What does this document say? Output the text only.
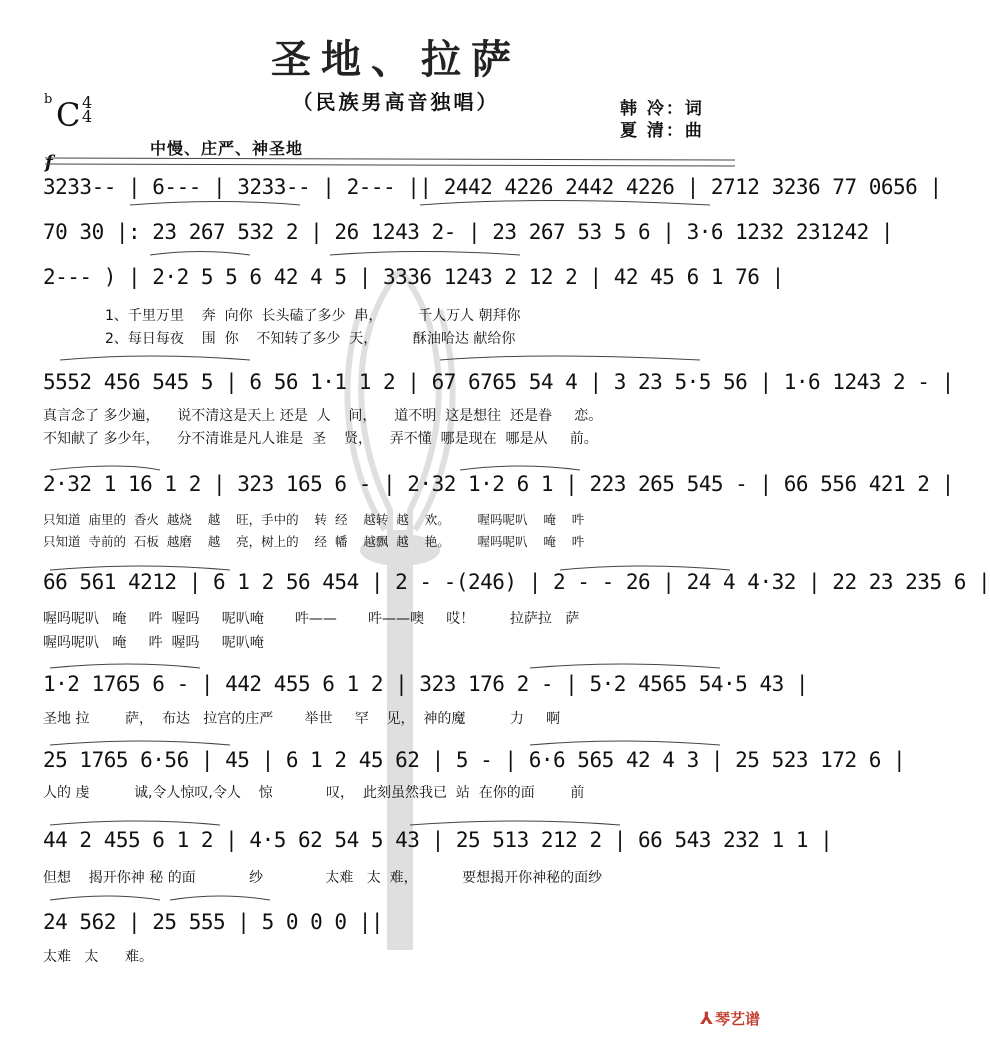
圣地、拉萨
（民族男高音独唱）	韩 冷：词
夏 清：曲
b C 4
4
中慢、庄严、神圣地
f
3233-- | 6--- | 3233-- | 2--- || 2442 4226 2442 4226 | 2712 3236 77 0656 |
70 30 |: 23 267 532 2 | 26 1243 2- | 23 267 53 5 6 | 3·6 1232 231242 |
2--- ) | 2·2 5 5 6 42 4 5 | 3336 1243 2 12 2 | 42 45 6 1 76 |
1、千里万里    奔  向你  长头磕了多少  串，        千人万人 朝拜你
2、每日每夜    围  你    不知转了多少  天，        酥油哈达 献给你
5552 456 545 5 | 6 56 1·1 1 2 | 67 6765 54 4 | 3 23 5·5 56 | 1·6 1243 2 - |
真言念了 多少遍，    说不清这是天上 还是  人    间，    道不明  这是想往  还是眷     恋。
不知献了 多少年，    分不清谁是凡人谁是  圣    贤，    弄不懂  哪是现在  哪是从     前。
2·32 1 16 1 2 | 323 165 6 - | 2·32 1·2 6 1 | 223 265 545 - | 66 556 421 2 |
只知道  庙里的  香火  越烧    越    旺，手中的    转  经    越转  越    欢。       喔吗呢叭    唵    吽
只知道  寺前的  石板  越磨    越    亮，树上的    经  幡    越飘  越    艳。       喔吗呢叭    唵    吽
66 561 4212 | 6 1 2 56 454 | 2 - -(246) | 2 - - 26 | 24 4 4·32 | 22 23 235 6 |
喔吗呢叭   唵     吽  喔吗     呢叭唵       吽——       吽——噢     哎！        拉萨拉   萨
喔吗呢叭   唵     吽  喔吗     呢叭唵
1·2 1765 6 - | 442 455 6 1 2 | 323 176 2 - | 5·2 4565 54·5 43 |
圣地 拉        萨，  布达   拉宫的庄严       举世     罕    见，  神的魔          力     啊
25 1765 6·56 | 45 | 6 1 2 45 62 | 5 - | 6·6 565 42 4 3 | 25 523 172 6 |
人的 虔          诚,令人惊叹,令人    惊            叹，  此刻虽然我已  站  在你的面        前
44 2 455 6 1 2 | 4·5 62 54 5 43 | 25 513 212 2 | 66 543 232 1 1 |
但想    揭开你神 秘 的面            纱              太难   太  难，          要想揭开你神秘的面纱
24 562 | 25 555 | 5 0 0 0 ||
太难   太      难。
⅄ 琴艺谱
